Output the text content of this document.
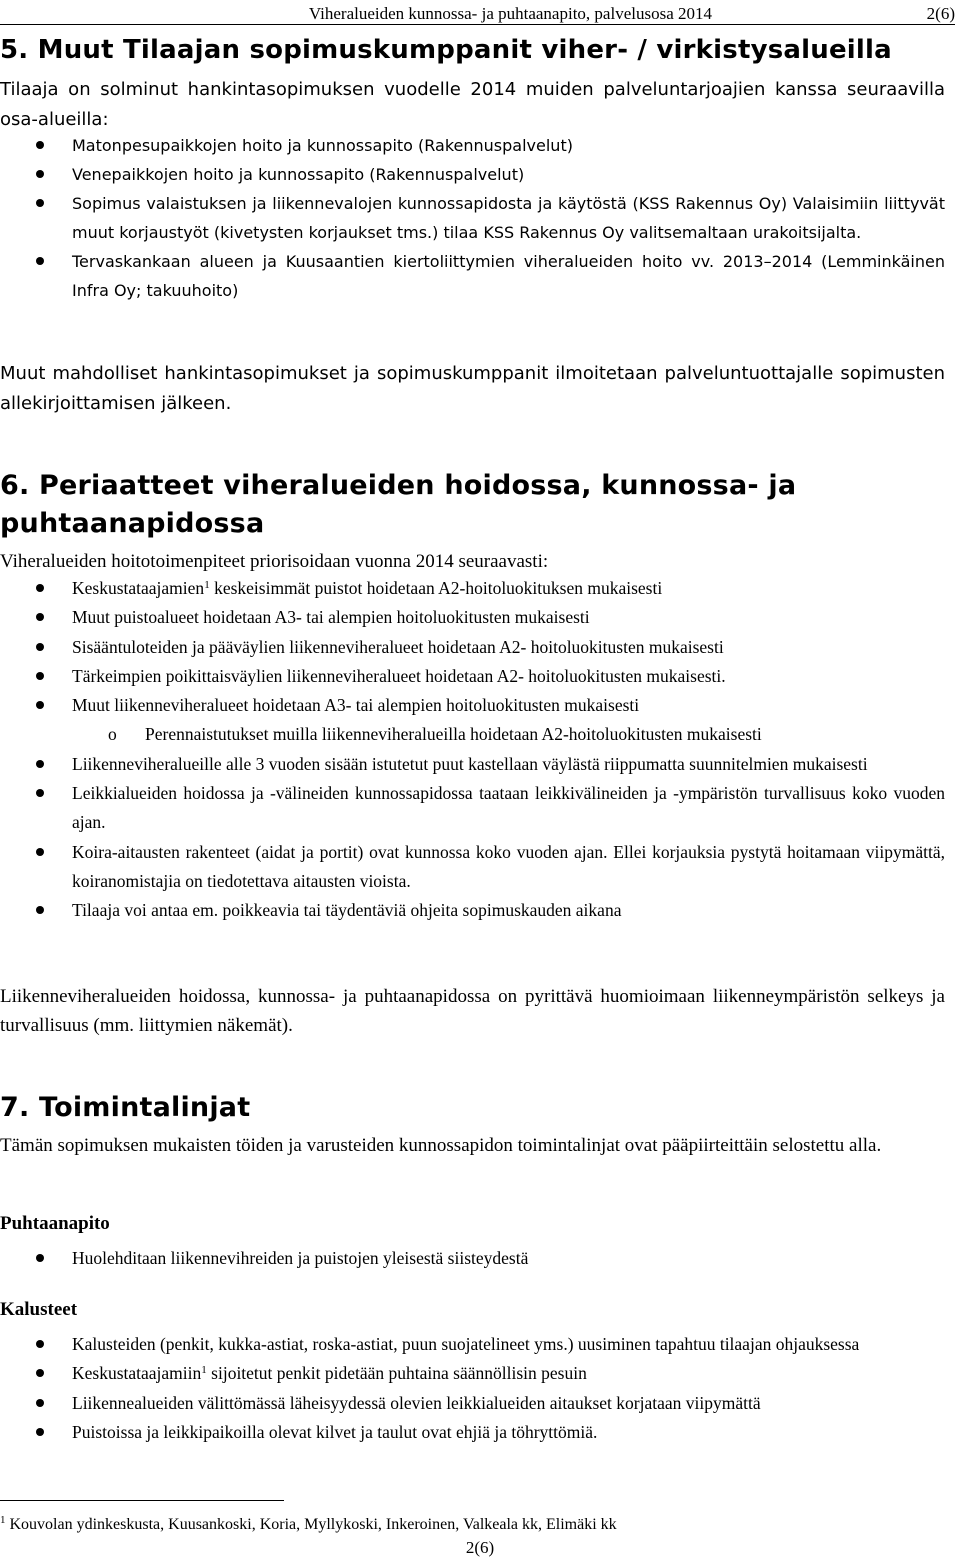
Viheralueiden kunnossa- ja puhtaanapito, palvelusosa 2014	2(6)
5. Muut Tilaajan sopimuskumppanit viher- / virkistysalueilla

Tilaaja on solminut hankintasopimuksen vuodelle 2014 muiden palveluntarjoajien kanssa seuraavilla osa-alueilla:

Matonpesupaikkojen hoito ja kunnossapito (Rakennuspalvelut)
Venepaikkojen hoito ja kunnossapito (Rakennuspalvelut)
Sopimus valaistuksen ja liikennevalojen kunnossapidosta ja käytöstä (KSS Rakennus Oy) Valaisimiin liittyvät muut korjaustyöt (kivetysten korjaukset tms.) tilaa KSS Rakennus Oy valitsemaltaan urakoitsijalta.
Tervaskankaan alueen ja Kuusaantien kiertoliittymien viheralueiden hoito vv. 2013–2014 (Lemminkäinen Infra Oy; takuuhoito)

Muut mahdolliset hankintasopimukset ja sopimuskumppanit ilmoitetaan palveluntuottajalle sopimusten allekirjoittamisen jälkeen.

6. Periaatteet viheralueiden hoidossa, kunnossa- ja puhtaanapidossa

Viheralueiden hoitotoimenpiteet priorisoidaan vuonna 2014 seuraavasti:

Keskustataajamien$^1$ keskeisimmät puistot hoidetaan A2-hoitoluokituksen mukaisesti
Muut puistoalueet hoidetaan A3- tai alempien hoitoluokitusten mukaisesti
Sisääntuloteiden ja pääväylien liikenneviheralueet hoidetaan A2- hoitoluokitusten mukaisesti
Tärkeimpien poikittaisväylien liikenneviheralueet hoidetaan A2- hoitoluokitusten mukaisesti.
Muut liikenneviheralueet hoidetaan A3- tai alempien hoitoluokitusten mukaisesti
o Perennaistutukset muilla liikenneviheralueilla hoidetaan A2-hoitoluokitusten mukaisesti
Liikenneviheralueille alle 3 vuoden sisään istutetut puut kastellaan väylästä riippumatta suunnitelmien mukaisesti
Leikkialueiden hoidossa ja -välineiden kunnossapidossa taataan leikkivälineiden ja -ympäristön turvallisuus koko vuoden ajan.
Koira-aitausten rakenteet (aidat ja portit) ovat kunnossa koko vuoden ajan. Ellei korjauksia pystytä hoitamaan viipymättä, koiranomistajia on tiedotettava aitausten vioista.
Tilaaja voi antaa em. poikkeavia tai täydentäviä ohjeita sopimuskauden aikana

Liikenneviheralueiden hoidossa, kunnossa- ja puhtaanapidossa on pyrittävä huomioimaan liikenneympäristön selkeys ja turvallisuus (mm. liittymien näkemät).

7. Toimintalinjat

Tämän sopimuksen mukaisten töiden ja varusteiden kunnossapidon toimintalinjat ovat pääpiirteittäin selostettu alla.

Puhtaanapito
Huolehditaan liikennevihreiden ja puistojen yleisestä siisteydestä
Kalusteet
Kalusteiden (penkit, kukka-astiat, roska-astiat, puun suojatelineet yms.) uusiminen tapahtuu tilaajan ohjauksessa
Keskustataajamiin$^1$ sijoitetut penkit pidetään puhtaina säännöllisin pesuin
Liikennealueiden välittömässä läheisyydessä olevien leikkialueiden aitaukset korjataan viipymättä
Puistoissa ja leikkipaikoilla olevat kilvet ja taulut ovat ehjiä ja töhryttömiä.
$^1$ Kouvolan ydinkeskusta, Kuusankoski, Koria, Myllykoski, Inkeroinen, Valkeala kk, Elimäki kk
2(6)
